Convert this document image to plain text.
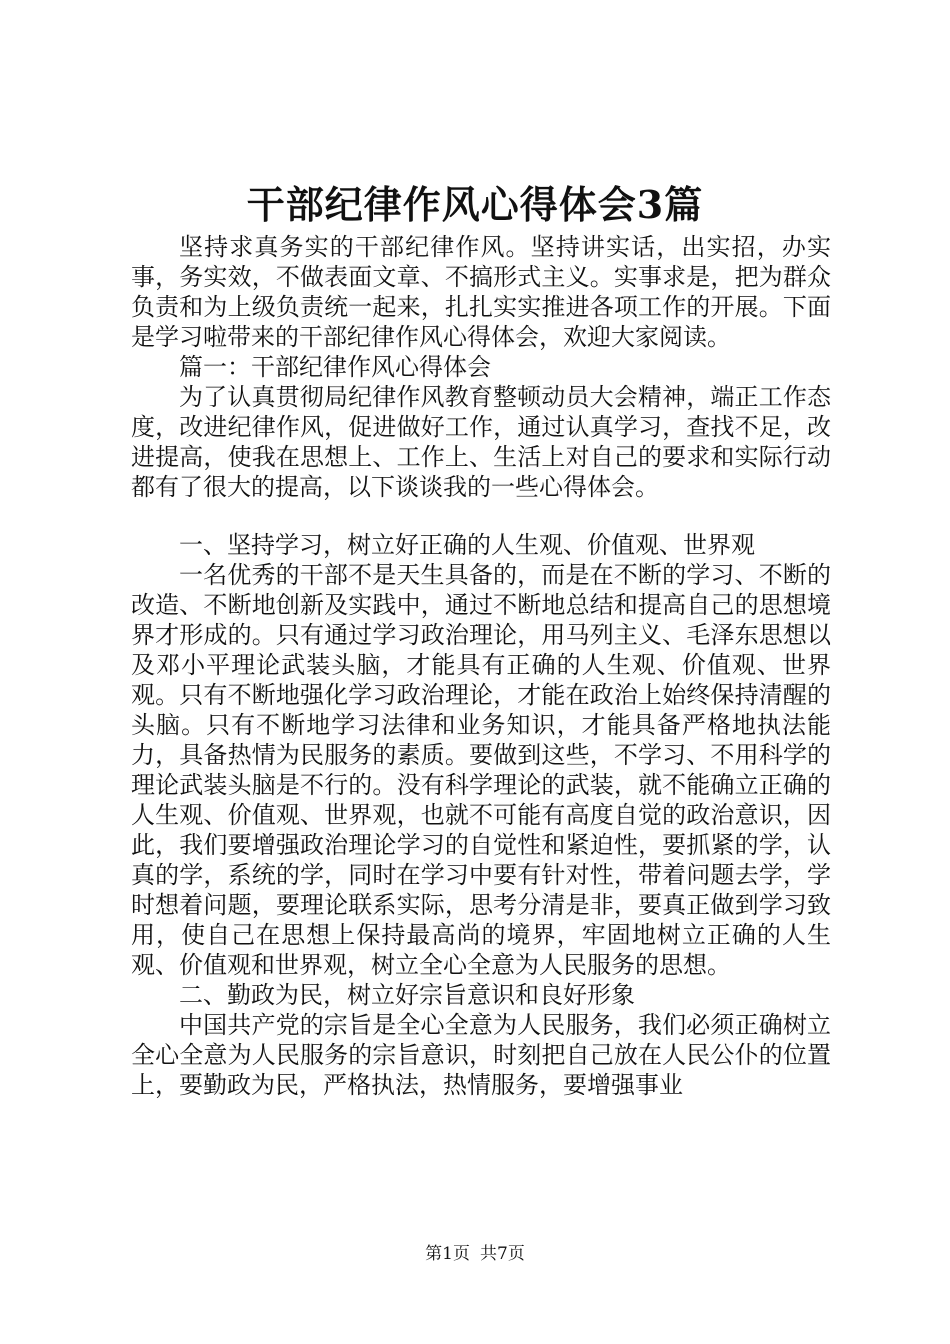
干部纪律作风心得体会3篇

坚持求真务实的干部纪律作风。坚持讲实话，出实招，办实事，务实效，不做表面文章、不搞形式主义。实事求是，把为群众负责和为上级负责统一起来，扎扎实实推进各项工作的开展。下面是学习啦带来的干部纪律作风心得体会，欢迎大家阅读。

篇一：干部纪律作风心得体会

为了认真贯彻局纪律作风教育整顿动员大会精神，端正工作态度，改进纪律作风，促进做好工作，通过认真学习，查找不足，改进提高，使我在思想上、工作上、生活上对自己的要求和实际行动都有了很大的提高，以下谈谈我的一些心得体会。

一、坚持学习，树立好正确的人生观、价值观、世界观

一名优秀的干部不是天生具备的，而是在不断的学习、不断的改造、不断地创新及实践中，通过不断地总结和提高自己的思想境界才形成的。只有通过学习政治理论，用马列主义、毛泽东思想以及邓小平理论武装头脑，才能具有正确的人生观、价值观、世界观。只有不断地强化学习政治理论，才能在政治上始终保持清醒的头脑。只有不断地学习法律和业务知识，才能具备严格地执法能力，具备热情为民服务的素质。要做到这些，不学习、不用科学的理论武装头脑是不行的。没有科学理论的武装，就不能确立正确的人生观、价值观、世界观，也就不可能有高度自觉的政治意识，因此，我们要增强政治理论学习的自觉性和紧迫性，要抓紧的学，认真的学，系统的学，同时在学习中要有针对性，带着问题去学，学时想着问题，要理论联系实际，思考分清是非，要真正做到学习致用，使自己在思想上保持最高尚的境界，牢固地树立正确的人生观、价值观和世界观，树立全心全意为人民服务的思想。

二、勤政为民，树立好宗旨意识和良好形象

中国共产党的宗旨是全心全意为人民服务，我们必须正确树立全心全意为人民服务的宗旨意识，时刻把自己放在人民公仆的位置上，要勤政为民，严格执法，热情服务，要增强事业

第1页 共7页
